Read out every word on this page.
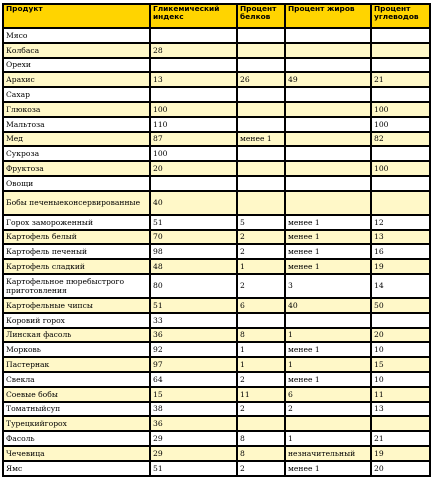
Продукт	Гликемический индекс	Процент белков	Процент жиров	Процент углеводов
Мясо				
Колбаса	28			
Орехи				
Арахис	13	26	49	21
Сахар				
Глюкоза	100			100
Мальтоза	110			100
Мед	87	менее 1		82
Сукроза	100			
Фруктоза	20			100
Овощи				
Бобы печеныеконсервированные	40			
Горох замороженный	51	5	менее 1	12
Картофель белый	70	2	менее 1	13
Картофель печеный	98	2	менее 1	16
Картофель сладкий	48	1	менее 1	19
Картофельное пюребыстрого приготовления	80	2	3	14
Картофельные чипсы	51	6	40	50
Коровий горох	33			
Линская фасоль	36	8	1	20
Морковь	92	1	менее 1	10
Пастернак	97	1	1	15
Свекла	64	2	менее 1	10
Соевые бобы	15	11	6	11
Томатныйсуп	38	2	2	13
Турецкийгорох	36			
Фасоль	29	8	1	21
Чечевица	29	8	незначительный	19
Ямс	51	2	менее 1	20
